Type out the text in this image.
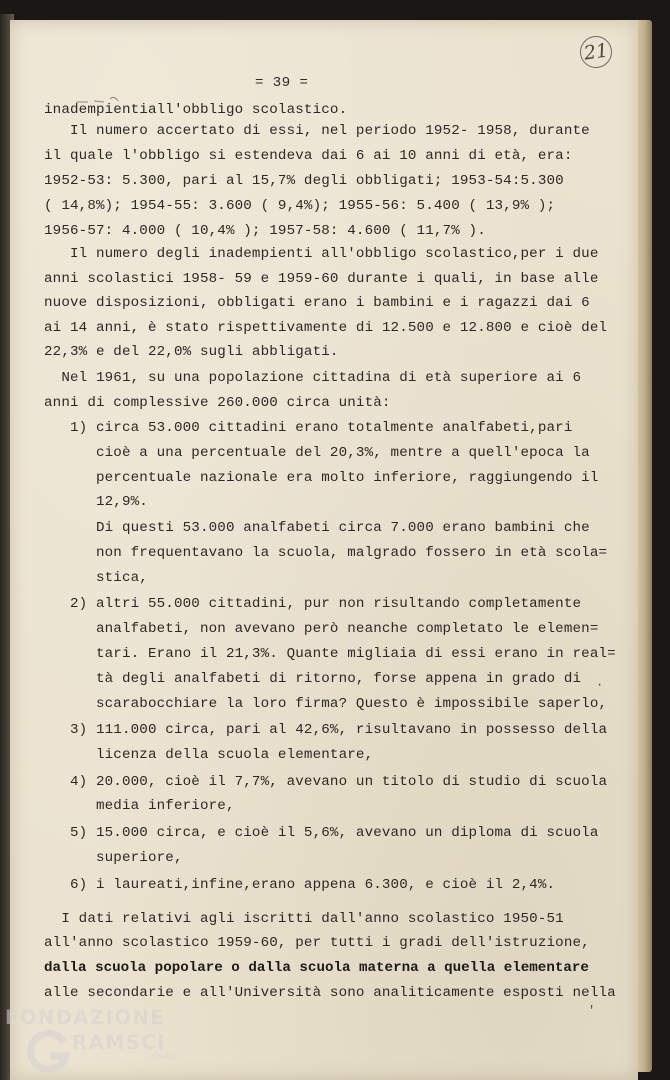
21
= 39 =
inadempientiall'obbligo scolastico.
Il numero accertato di essi, nel periodo 1952- 1958, durante
il quale l'obbligo si estendeva dai 6 ai 10 anni di età, era:
1952-53: 5.300, pari al 15,7% degli obbligati; 1953-54:5.300
( 14,8%); 1954-55: 3.600 ( 9,4%); 1955-56: 5.400 ( 13,9% );
1956-57: 4.000 ( 10,4% ); 1957-58: 4.600 ( 11,7% ).
Il numero degli inadempienti all'obbligo scolastico,per i due
anni scolastici 1958- 59 e 1959-60 durante i quali, in base alle
nuove disposizioni, obbligati erano i bambini e i ragazzi dai 6
ai 14 anni, è stato rispettivamente di 12.500 e 12.800 e cioè del
22,3% e del 22,0% sugli abbligati.
Nel 1961, su una popolazione cittadina di età superiore ai 6
anni di complessive 260.000 circa unità:
1) circa 53.000 cittadini erano totalmente analfabeti,pari
cioè a una percentuale del 20,3%, mentre a quell'epoca la
percentuale nazionale era molto inferiore, raggiungendo il
12,9%.
Di questi 53.000 analfabeti circa 7.000 erano bambini che
non frequentavano la scuola, malgrado fossero in età scola=
stica,
2) altri 55.000 cittadini, pur non risultando completamente
analfabeti, non avevano però neanche completato le elemen=
tari. Erano il 21,3%. Quante migliaia di essi erano in real=
tà degli analfabeti di ritorno, forse appena in grado di
scarabocchiare la loro firma? Questo è impossibile saperlo,
3) 111.000 circa, pari al 42,6%, risultavano in possesso della
licenza della scuola elementare,
4) 20.000, cioè il 7,7%, avevano un titolo di studio di scuola
media inferiore,
5) 15.000 circa, e cioè il 5,6%, avevano un diploma di scuola
superiore,
6) i laureati,infine,erano appena 6.300, e cioè il 2,4%.
I dati relativi agli iscritti dall'anno scolastico 1950-51
all'anno scolastico 1959-60, per tutti i gradi dell'istruzione,
dalla scuola popolare o dalla scuola materna a quella elementare
alle secondarie e all'Università sono analiticamente esposti nella
·
'
FONDAZIONE
G
RAMSCI
Onlus
